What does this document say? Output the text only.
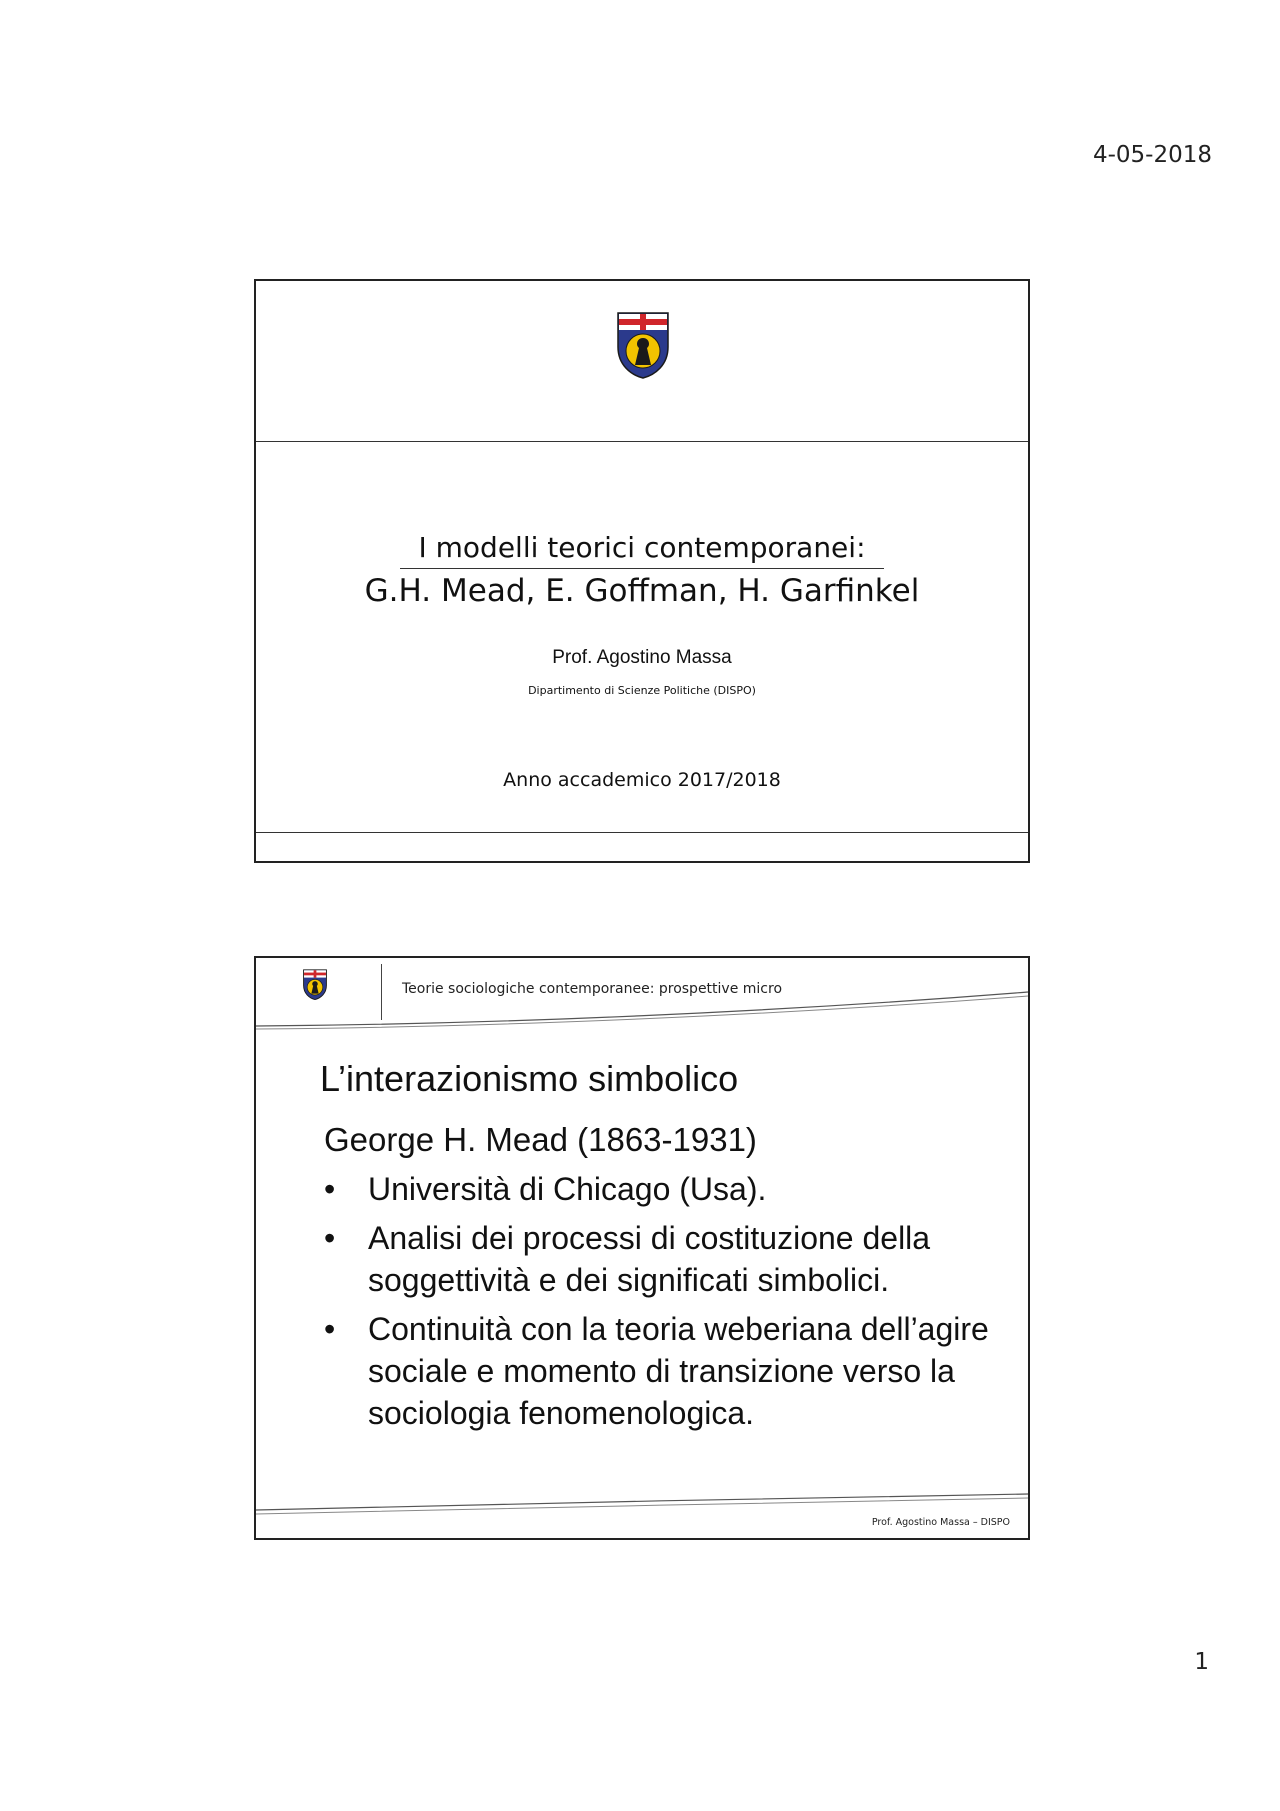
4-05-2018
I modelli teorici contemporanei:
G.H. Mead, E. Goffman, H. Garfinkel
Prof. Agostino Massa
Dipartimento di Scienze Politiche (DISPO)
Anno accademico 2017/2018
Teorie sociologiche contemporanee: prospettive micro
L’interazionismo simbolico
George H. Mead (1863-1931)
• Università di Chicago (Usa).
• Analisi dei processi di costituzione della soggettività e dei significati simbolici.
• Continuità con la teoria weberiana dell’agire sociale e momento di transizione verso la sociologia fenomenologica.
Prof. Agostino Massa – DISPO
1
